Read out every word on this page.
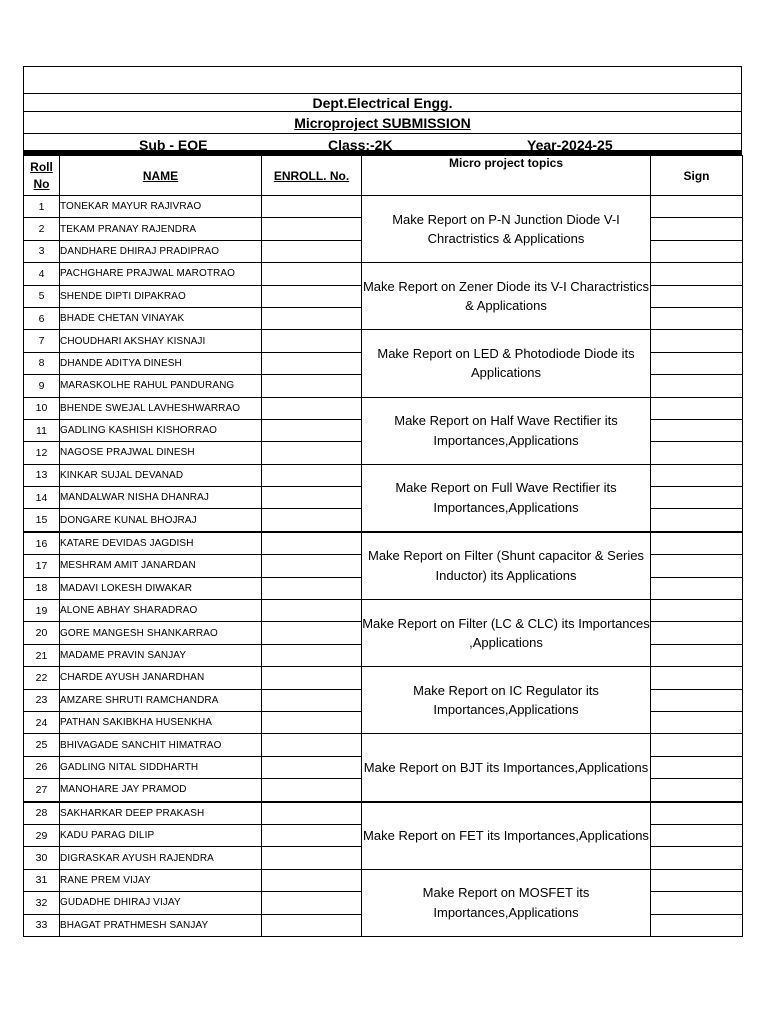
Dept.Electrical Engg.
Microproject SUBMISSION
Sub - EOE	Class:-2K	Year-2024-25
Roll
No	NAME	ENROLL. No.	Micro project topics	Sign
1	TONEKAR MAYUR RAJIVRAO		Make Report on P-N Junction Diode V-I Chractristics & Applications	
2	TEKAM PRANAY RAJENDRA			
3	DANDHARE DHIRAJ PRADIPRAO			
4	PACHGHARE PRAJWAL MAROTRAO		Make Report on Zener Diode its V-I Charactristics & Applications	
5	SHENDE DIPTI DIPAKRAO			
6	BHADE CHETAN VINAYAK			
7	CHOUDHARI AKSHAY KISNAJI		Make Report on LED & Photodiode Diode its Applications	
8	DHANDE ADITYA DINESH			
9	MARASKOLHE RAHUL PANDURANG			
10	BHENDE SWEJAL LAVHESHWARRAO		Make Report on Half Wave Rectifier its Importances,Applications	
11	GADLING KASHISH KISHORRAO			
12	NAGOSE PRAJWAL DINESH			
13	KINKAR SUJAL DEVANAD		Make Report on Full Wave Rectifier its Importances,Applications	
14	MANDALWAR NISHA DHANRAJ			
15	DONGARE KUNAL BHOJRAJ			
16	KATARE DEVIDAS JAGDISH		Make Report on Filter (Shunt capacitor & Series Inductor) its Applications	
17	MESHRAM AMIT JANARDAN			
18	MADAVI LOKESH DIWAKAR			
19	ALONE ABHAY SHARADRAO		Make Report on Filter (LC & CLC) its Importances ,Applications	
20	GORE MANGESH SHANKARRAO			
21	MADAME PRAVIN SANJAY			
22	CHARDE AYUSH JANARDHAN		Make Report on IC Regulator its Importances,Applications	
23	AMZARE SHRUTI RAMCHANDRA			
24	PATHAN SAKIBKHA HUSENKHA			
25	BHIVAGADE SANCHIT HIMATRAO		Make Report on BJT its Importances,Applications	
26	GADLING NITAL SIDDHARTH			
27	MANOHARE JAY PRAMOD			
28	SAKHARKAR DEEP PRAKASH		Make Report on FET its Importances,Applications	
29	KADU PARAG DILIP			
30	DIGRASKAR AYUSH RAJENDRA			
31	RANE PREM VIJAY		Make Report on MOSFET its Importances,Applications	
32	GUDADHE DHIRAJ VIJAY			
33	BHAGAT PRATHMESH SANJAY			
